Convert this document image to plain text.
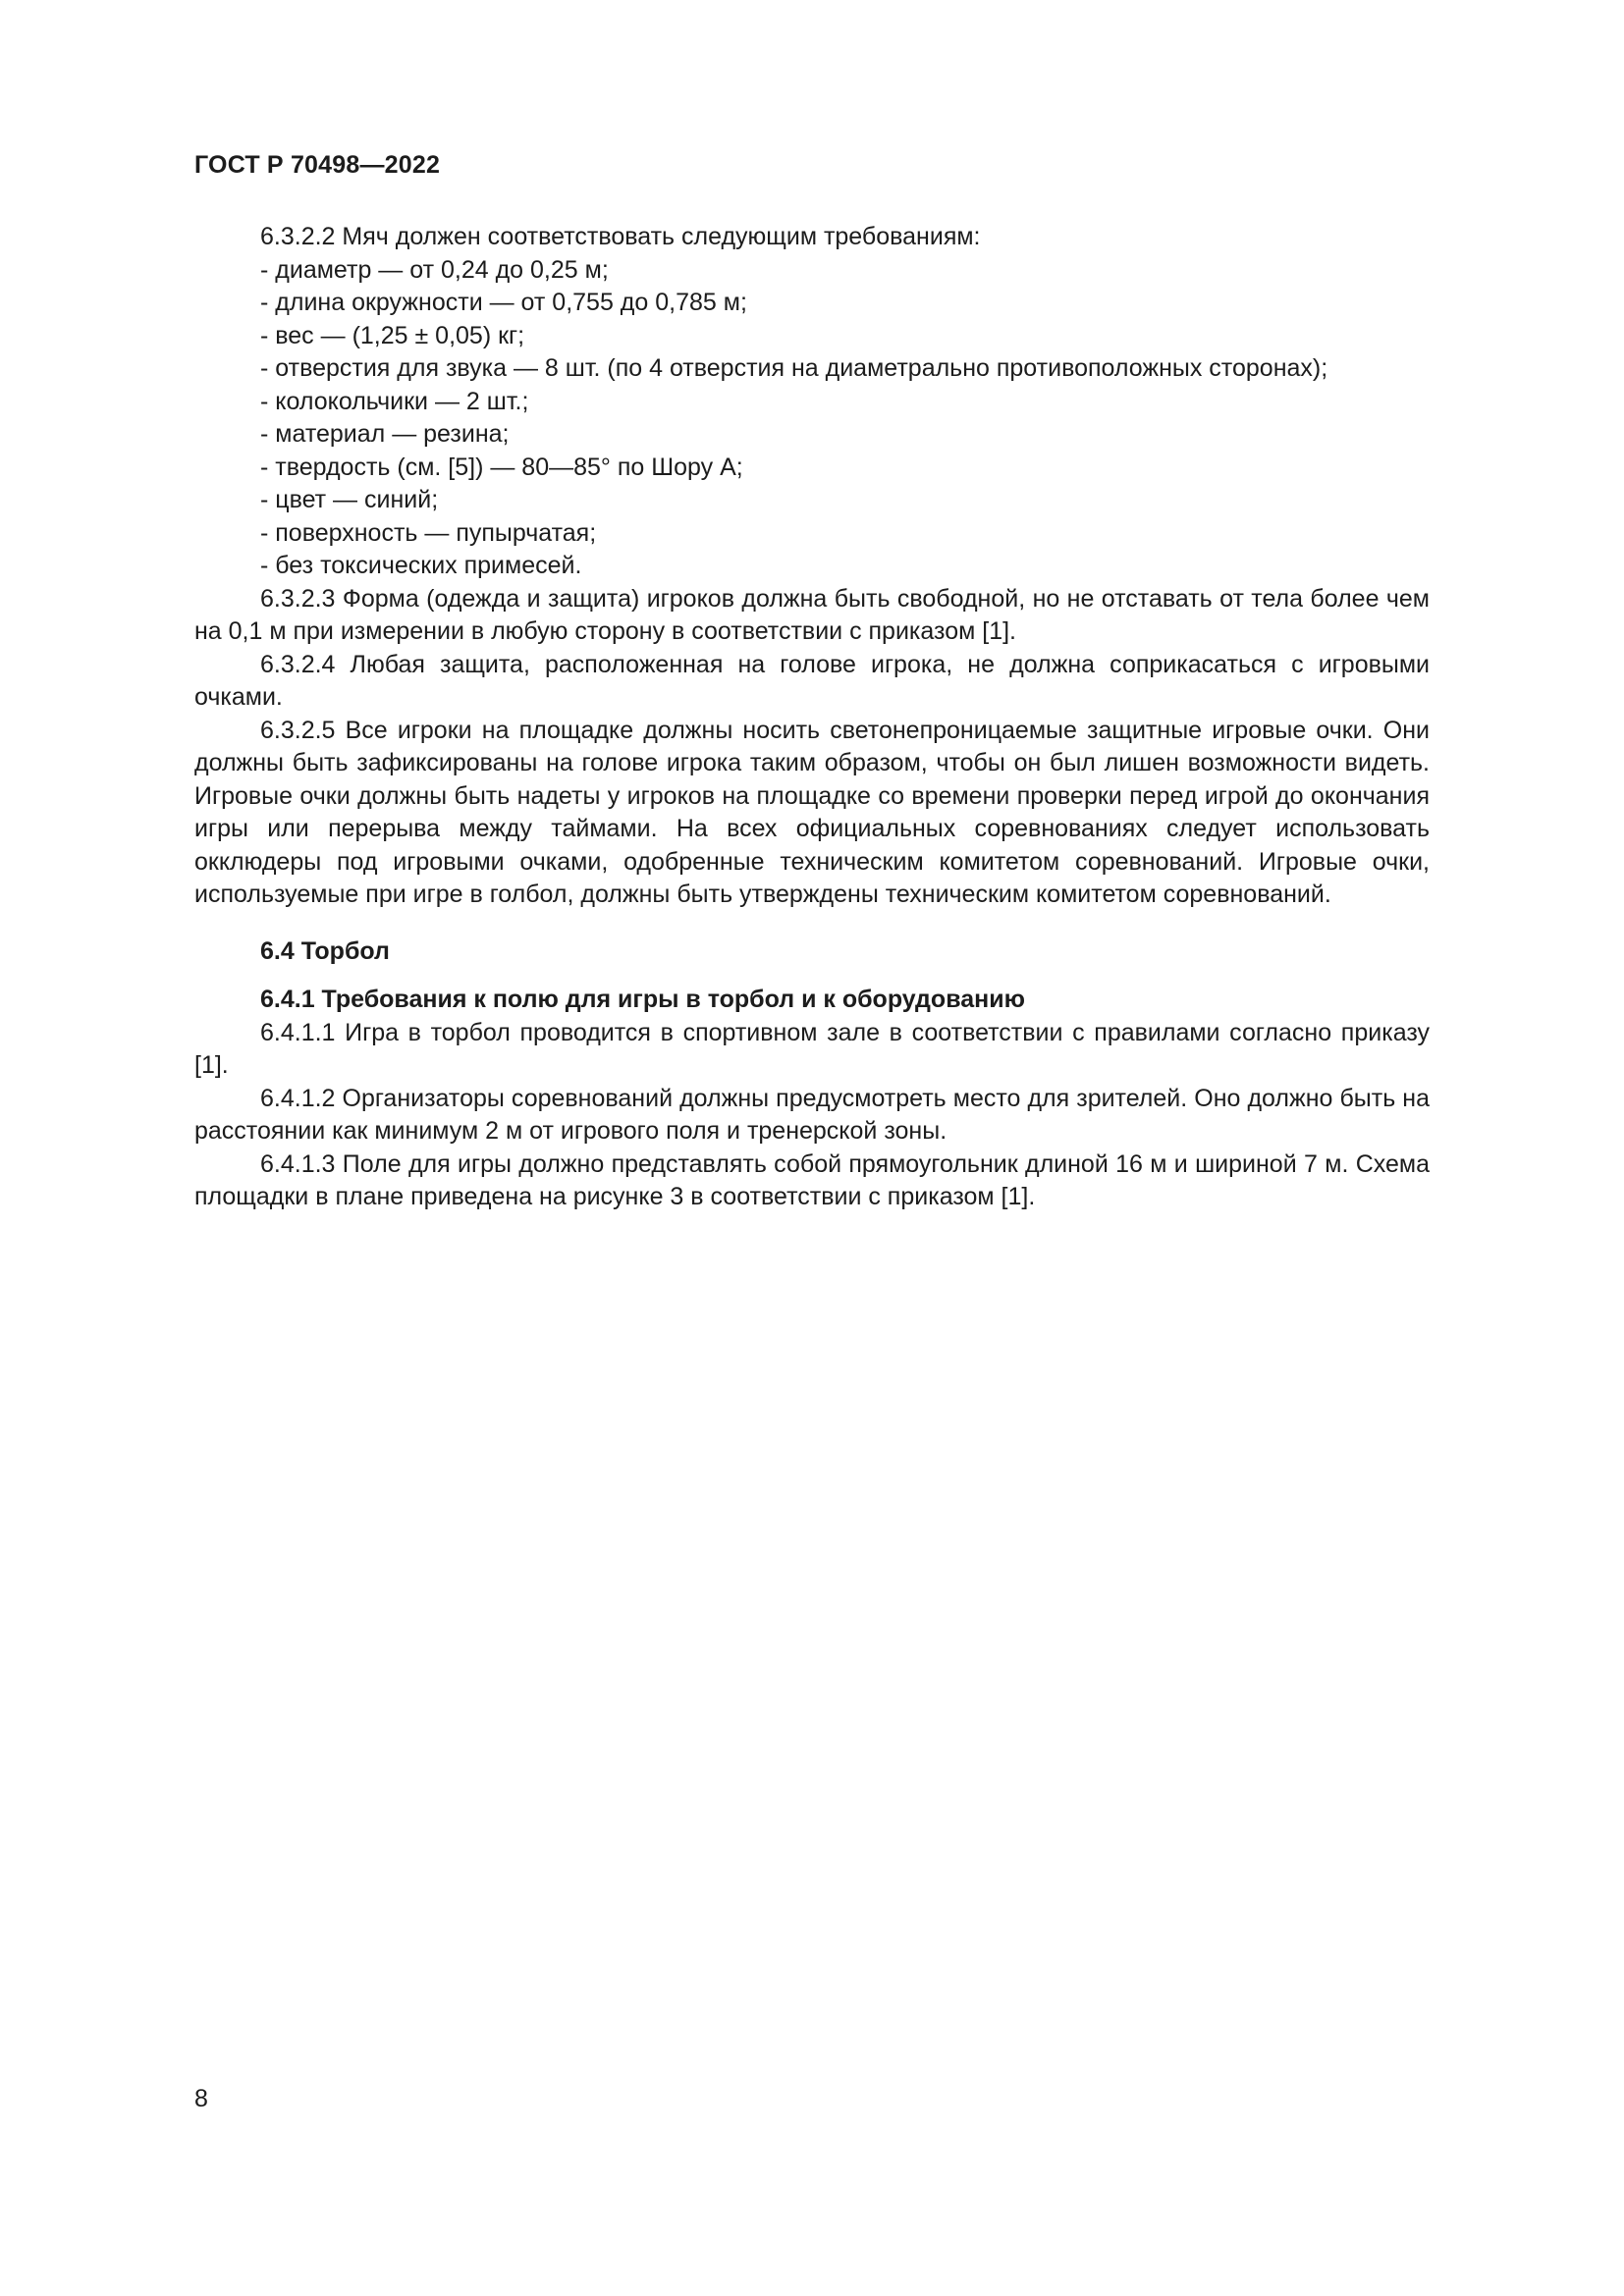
ГОСТ Р 70498—2022

6.3.2.2 Мяч должен соответствовать следующим требованиям:

- диаметр — от 0,24 до 0,25 м;

- длина окружности — от 0,755 до 0,785 м;

- вес — (1,25 ± 0,05) кг;

- отверстия для звука — 8 шт. (по 4 отверстия на диаметрально противоположных сторонах);

- колокольчики — 2 шт.;

- материал — резина;

- твердость (см. [5]) — 80—85° по Шору А;

- цвет — синий;

- поверхность — пупырчатая;

- без токсических примесей.

6.3.2.3 Форма (одежда и защита) игроков должна быть свободной, но не отставать от тела более чем на 0,1 м при измерении в любую сторону в соответствии с приказом [1].

6.3.2.4 Любая защита, расположенная на голове игрока, не должна соприкасаться с игровыми очками.

6.3.2.5 Все игроки на площадке должны носить светонепроницаемые защитные игровые очки. Они должны быть зафиксированы на голове игрока таким образом, чтобы он был лишен возможности видеть. Игровые очки должны быть надеты у игроков на площадке со времени проверки перед игрой до окончания игры или перерыва между таймами. На всех официальных соревнованиях следует использовать окклюдеры под игровыми очками, одобренные техническим комитетом соревнований. Игровые очки, используемые при игре в голбол, должны быть утверждены техническим комитетом соревнований.

6.4 Торбол

6.4.1 Требования к полю для игры в торбол и к оборудованию

6.4.1.1 Игра в торбол проводится в спортивном зале в соответствии с правилами согласно приказу [1].

6.4.1.2 Организаторы соревнований должны предусмотреть место для зрителей. Оно должно быть на расстоянии как минимум 2 м от игрового поля и тренерской зоны.

6.4.1.3 Поле для игры должно представлять собой прямоугольник длиной 16 м и шириной 7 м. Схема площадки в плане приведена на рисунке 3 в соответствии с приказом [1].

8
